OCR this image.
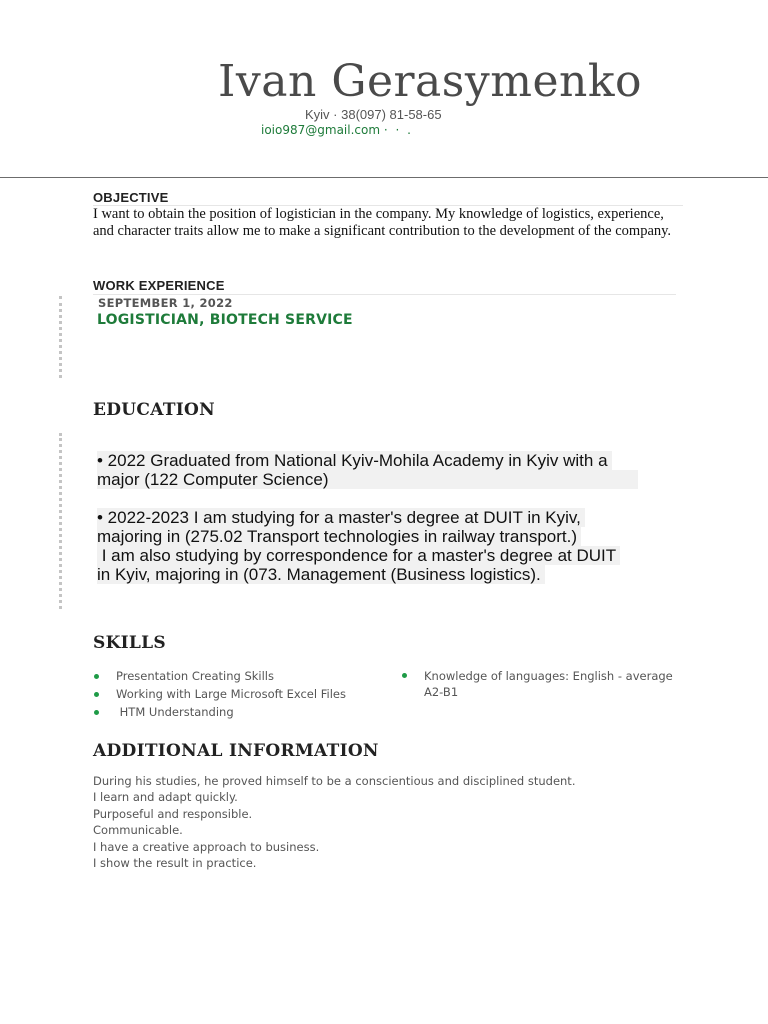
Ivan Gerasymenko
Kyiv · 38(097) 81-58-65
ioio987@gmail.com · · .
OBJECTIVE
I want to obtain the position of logistician in the company. My knowledge of logistics, experience, and character traits allow me to make a significant contribution to the development of the company.
WORK EXPERIENCE
SEPTEMBER 1, 2022
LOGISTICIAN, BIOTECH SERVICE
EDUCATION
• 2022 Graduated from National Kyiv-Mohila Academy in Kyiv with a
major (122 Computer Science)
• 2022-2023 I am studying for a master's degree at DUIT in Kyiv,
majoring in (275.02 Transport technologies in railway transport.)
I am also studying by correspondence for a master's degree at DUIT
in Kyiv, majoring in (073. Management (Business logistics).
SKILLS
Presentation Creating Skills
Working with Large Microsoft Excel Files
HTM Understanding
Knowledge of languages: English - average A2-B1
ADDITIONAL INFORMATION
During his studies, he proved himself to be a conscientious and disciplined student.
I learn and adapt quickly.
Purposeful and responsible.
Communicable.
I have a creative approach to business.
I show the result in practice.
